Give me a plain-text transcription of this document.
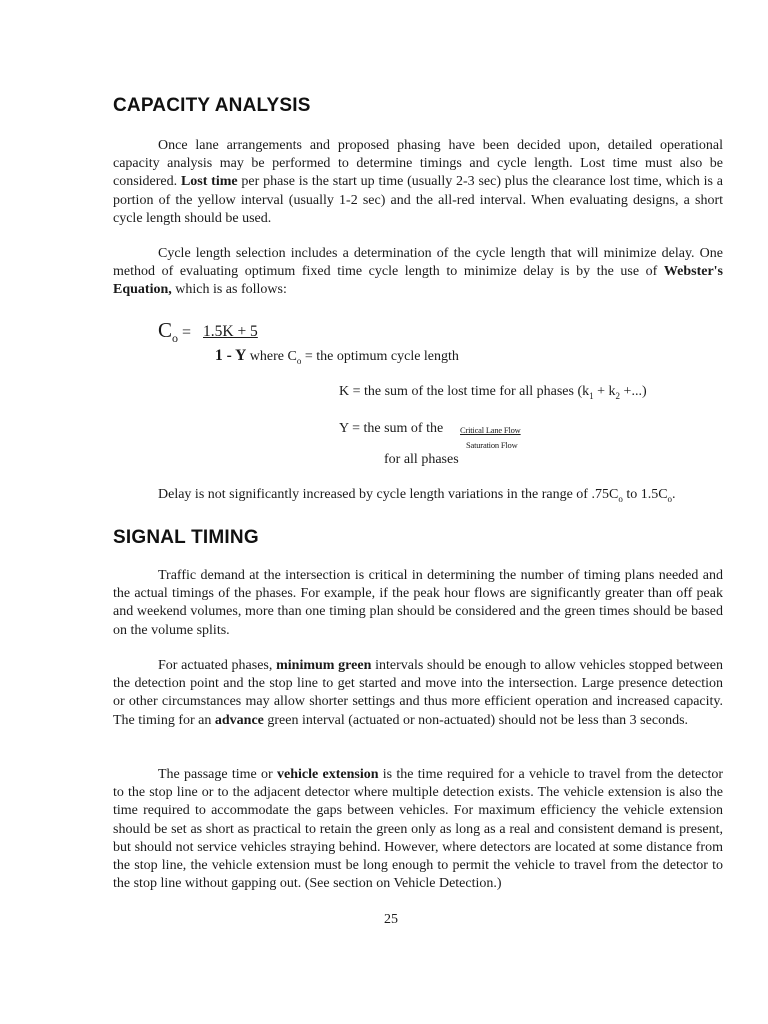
CAPACITY ANALYSIS

Once lane arrangements and proposed phasing have been decided upon, detailed operational capacity analysis may be performed to determine timings and cycle length. Lost time must also be considered. Lost time per phase is the start up time (usually 2-3 sec) plus the clearance lost time, which is a portion of the yellow interval (usually 1-2 sec) and the all-red interval. When evaluating designs, a short cycle length should be used.

Cycle length selection includes a determination of the cycle length that will minimize delay. One method of evaluating optimum fixed time cycle length to minimize delay is by the use of Webster's Equation, which is as follows:

$C_o = 1.5K + 5$

1 - Y where $C_o$ = the optimum cycle length

K = the sum of the lost time for all phases ($k_1 + k_2$ +...)

Y = the sum of the Critical Lane Flow

Saturation Flow

for all phases

Delay is not significantly increased by cycle length variations in the range of $.75C_o$ to $1.5C_o$.

SIGNAL TIMING

Traffic demand at the intersection is critical in determining the number of timing plans needed and the actual timings of the phases. For example, if the peak hour flows are significantly greater than off peak and weekend volumes, more than one timing plan should be considered and the green times should be based on the volume splits.

For actuated phases, minimum green intervals should be enough to allow vehicles stopped between the detection point and the stop line to get started and move into the intersection. Large presence detection or other circumstances may allow shorter settings and thus more efficient operation and increased capacity. The timing for an advance green interval (actuated or non-actuated) should not be less than 3 seconds.

The passage time or vehicle extension is the time required for a vehicle to travel from the detector to the stop line or to the adjacent detector where multiple detection exists. The vehicle extension is also the time required to accommodate the gaps between vehicles. For maximum efficiency the vehicle extension should be set as short as practical to retain the green only as long as a real and consistent demand is present, but should not service vehicles straying behind. However, where detectors are located at some distance from the stop line, the vehicle extension must be long enough to permit the vehicle to travel from the detector to the stop line without gapping out. (See section on Vehicle Detection.)

25
